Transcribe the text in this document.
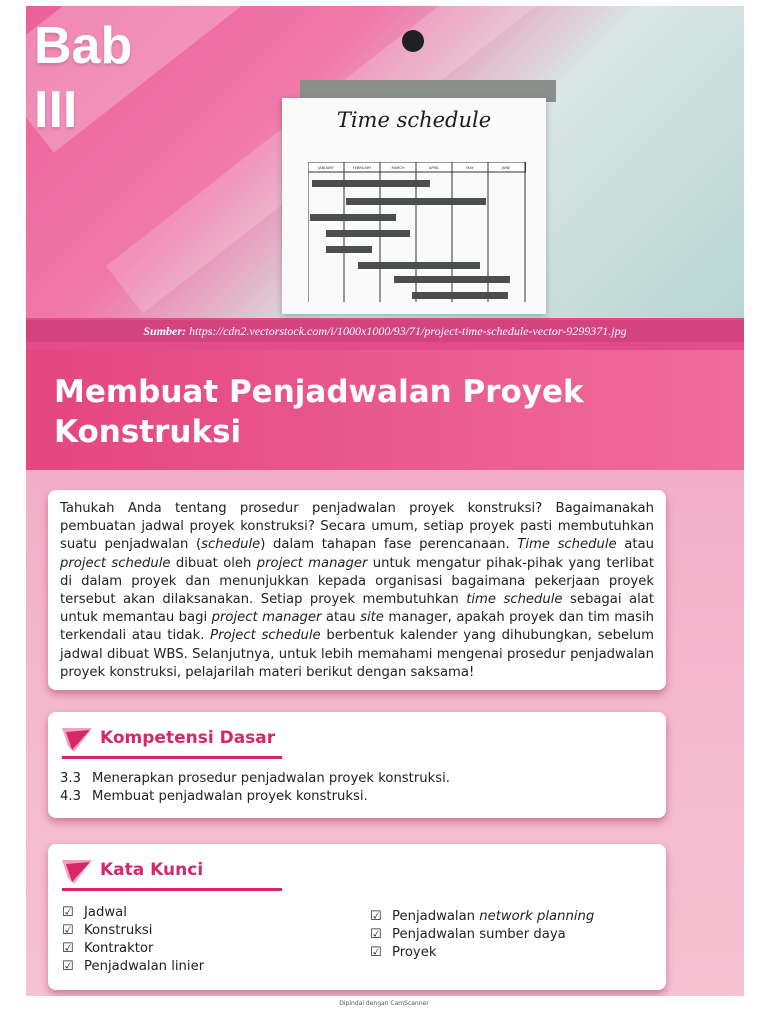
Bab
III	Time schedule
JANUARY	FEBRUARY	MARCH	APRIL	MAY	JUNE
Sumber: https://cdn2.vectorstock.com/i/1000x1000/93/71/project-time-schedule-vector-9299371.jpg
Membuat Penjadwalan Proyek
Konstruksi

Tahukah Anda tentang prosedur penjadwalan proyek konstruksi? Bagaimanakah pembuatan jadwal proyek konstruksi? Secara umum, setiap proyek pasti membutuhkan suatu penjadwalan (schedule) dalam tahapan fase perencanaan. Time schedule atau project schedule dibuat oleh project manager untuk mengatur pihak-pihak yang terlibat di dalam proyek dan menunjukkan kepada organisasi bagaimana pekerjaan proyek tersebut akan dilaksanakan. Setiap proyek membutuhkan time schedule sebagai alat untuk memantau bagi project manager atau site manager, apakah proyek dan tim masih terkendali atau tidak. Project schedule berbentuk kalender yang dihubungkan, sebelum jadwal dibuat WBS. Selanjutnya, untuk lebih memahami mengenai prosedur penjadwalan proyek konstruksi, pelajarilah materi berikut dengan saksama!

Kompetensi Dasar
3.3 Menerapkan prosedur penjadwalan proyek konstruksi.
4.3 Membuat penjadwalan proyek konstruksi.
Kata Kunci
☑ Jadwal
☑ Konstruksi
☑ Kontraktor
☑ Penjadwalan linier
☑ Penjadwalan network planning
☑ Penjadwalan sumber daya
☑ Proyek
Dipindai dengan CamScanner
